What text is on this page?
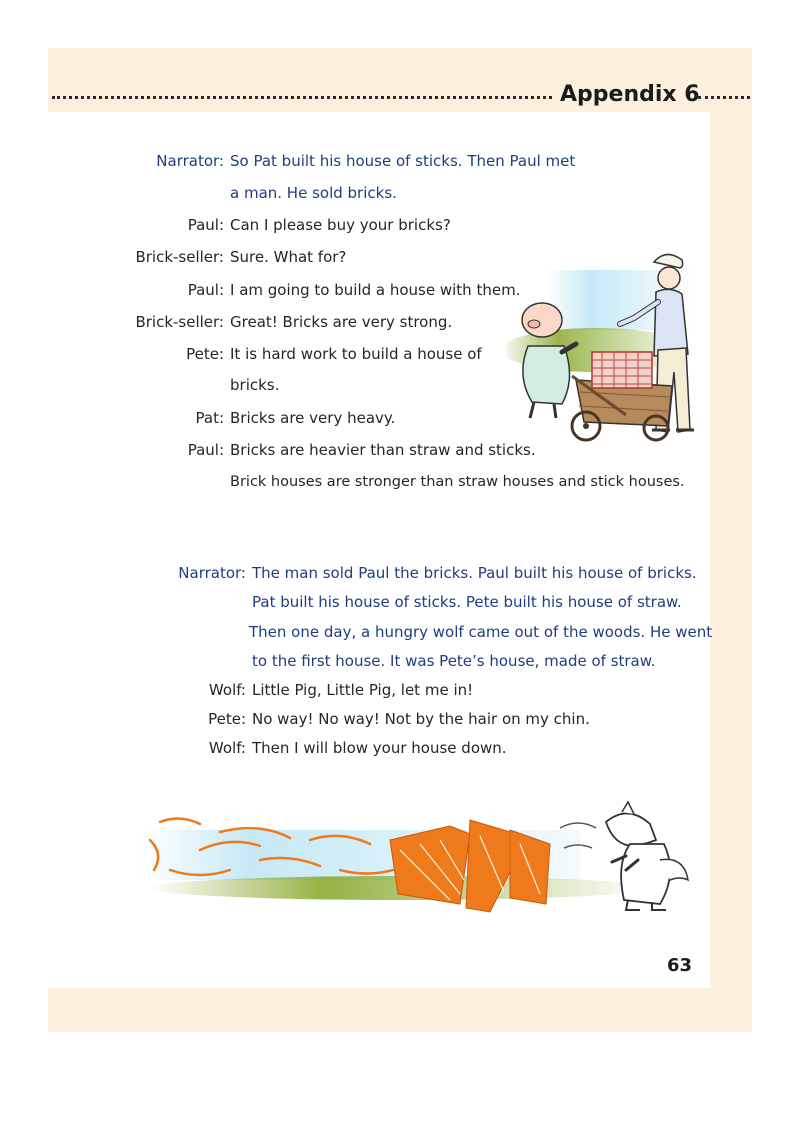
Appendix 6
Narrator: So Pat built his house of sticks. Then Paul met
a man. He sold bricks.
Paul: Can I please buy your bricks?
Brick-seller: Sure. What for?
Paul: I am going to build a house with them.
Brick-seller: Great! Bricks are very strong.
Pete: It is hard work to build a house of
bricks.
Pat: Bricks are very heavy.
Paul: Bricks are heavier than straw and sticks.
Brick houses are stronger than straw houses and stick houses.
Narrator: The man sold Paul the bricks. Paul built his house of bricks.
Pat built his house of sticks. Pete built his house of straw.
Then one day, a hungry wolf came out of the woods. He went
to the first house. It was Pete’s house, made of straw.
Wolf: Little Pig, Little Pig, let me in!
Pete: No way! No way! Not by the hair on my chin.
Wolf: Then I will blow your house down.
63
